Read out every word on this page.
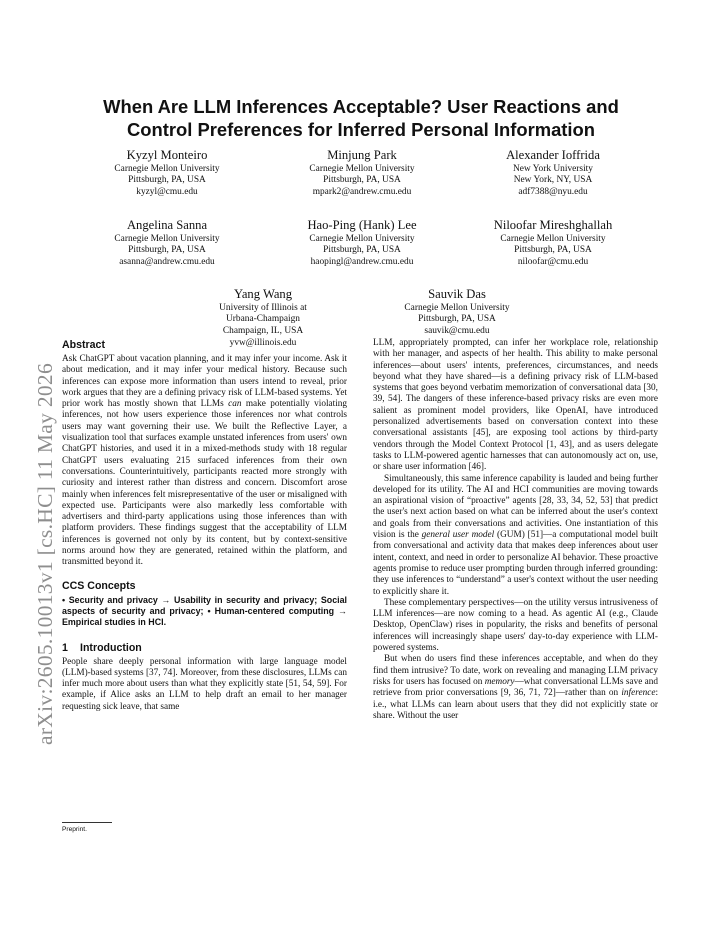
arXiv:2605.10013v1 [cs.HC] 11 May 2026
When Are LLM Inferences Acceptable? User Reactions and
Control Preferences for Inferred Personal Information
Kyzyl Monteiro
Carnegie Mellon University
Pittsburgh, PA, USA
kyzyl@cmu.edu
Minjung Park
Carnegie Mellon University
Pittsburgh, PA, USA
mpark2@andrew.cmu.edu
Alexander Ioffrida
New York University
New York, NY, USA
adf7388@nyu.edu
Angelina Sanna
Carnegie Mellon University
Pittsburgh, PA, USA
asanna@andrew.cmu.edu
Hao-Ping (Hank) Lee
Carnegie Mellon University
Pittsburgh, PA, USA
haopingl@andrew.cmu.edu
Niloofar Mireshghallah
Carnegie Mellon University
Pittsburgh, PA, USA
niloofar@cmu.edu
Yang Wang
University of Illinois at
Urbana-Champaign
Champaign, IL, USA
yvw@illinois.edu
Sauvik Das
Carnegie Mellon University
Pittsburgh, PA, USA
sauvik@cmu.edu
Abstract

Ask ChatGPT about vacation planning, and it may infer your income. Ask it about medication, and it may infer your medical history. Because such inferences can expose more information than users intend to reveal, prior work argues that they are a defining privacy risk of LLM-based systems. Yet prior work has mostly shown that LLMs can make potentially violating inferences, not how users experience those inferences nor what controls users may want governing their use. We built the Reflective Layer, a visualization tool that surfaces example unstated inferences from users' own ChatGPT histories, and used it in a mixed-methods study with 18 regular ChatGPT users evaluating 215 surfaced inferences from their own conversations. Counterintuitively, participants reacted more strongly with curiosity and interest rather than distress and concern. Discomfort arose mainly when inferences felt misrepresentative of the user or misaligned with expected use. Participants were also markedly less comfortable with advertisers and third-party applications using those inferences than with platform providers. These findings suggest that the acceptability of LLM inferences is governed not only by its content, but by context-sensitive norms around how they are generated, retained within the platform, and transmitted beyond it.

CCS Concepts

• Security and privacy → Usability in security and privacy; Social aspects of security and privacy; • Human-centered computing → Empirical studies in HCI.

1 Introduction

People share deeply personal information with large language model (LLM)-based systems [37, 74]. Moreover, from these disclosures, LLMs can infer much more about users than what they explicitly state [51, 54, 59]. For example, if Alice asks an LLM to help draft an email to her manager requesting sick leave, that same

LLM, appropriately prompted, can infer her workplace role, relationship with her manager, and aspects of her health. This ability to make personal inferences—about users' intents, preferences, circumstances, and needs beyond what they have shared—is a defining privacy risk of LLM-based systems that goes beyond verbatim memorization of conversational data [30, 39, 54]. The dangers of these inference-based privacy risks are even more salient as prominent model providers, like OpenAI, have introduced personalized advertisements based on conversation context into these conversational assistants [45], are exposing tool actions by third-party vendors through the Model Context Protocol [1, 43], and as users delegate tasks to LLM-powered agentic harnesses that can autonomously act on, use, or share user information [46].

Simultaneously, this same inference capability is lauded and being further developed for its utility. The AI and HCI communities are moving towards an aspirational vision of “proactive” agents [28, 33, 34, 52, 53] that predict the user's next action based on what can be inferred about the user's context and goals from their conversations and activities. One instantiation of this vision is the general user model (GUM) [51]—a computational model built from conversational and activity data that makes deep inferences about user intent, context, and need in order to personalize AI behavior. These proactive agents promise to reduce user prompting burden through inferred grounding: they use inferences to “understand” a user's context without the user needing to explicitly share it.

These complementary perspectives—on the utility versus intrusiveness of LLM inferences—are now coming to a head. As agentic AI (e.g., Claude Desktop, OpenClaw) rises in popularity, the risks and benefits of personal inferences will increasingly shape users' day-to-day experience with LLM-powered systems.

But when do users find these inferences acceptable, and when do they find them intrusive? To date, work on revealing and managing LLM privacy risks for users has focused on memory—what conversational LLMs save and retrieve from prior conversations [9, 36, 71, 72]—rather than on inference: i.e., what LLMs can learn about users that they did not explicitly state or share. Without the user

Preprint.
